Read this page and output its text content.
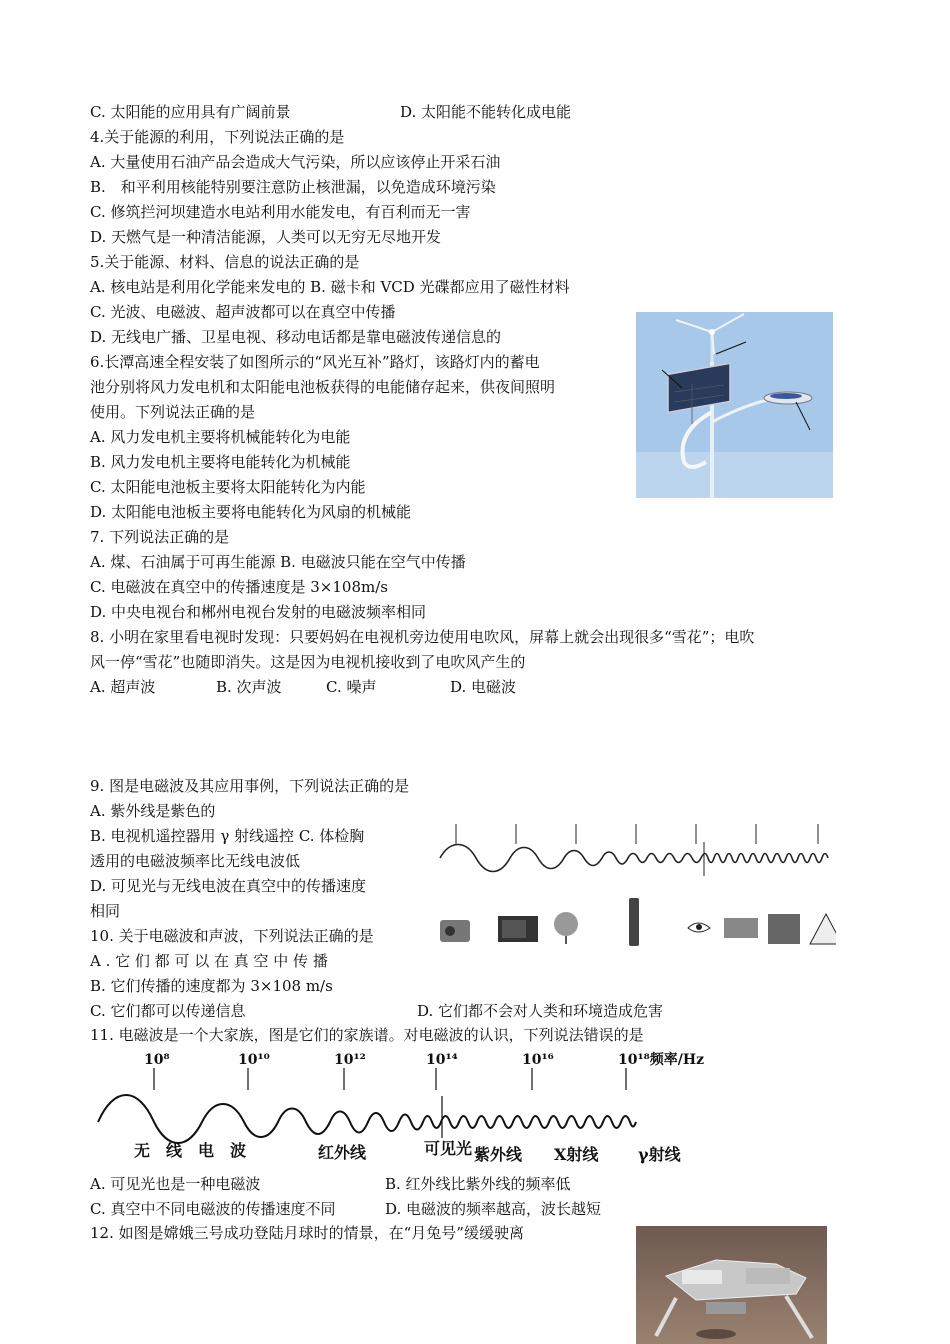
C. 太阳能的应用具有广阔前景	D. 太阳能不能转化成电能
4.关于能源的利用，下列说法正确的是
A. 大量使用石油产品会造成大气污染，所以应该停止开采石油
B.　和平利用核能特别要注意防止核泄漏，以免造成环境污染
C. 修筑拦河坝建造水电站利用水能发电，有百利而无一害
D. 天燃气是一种清洁能源，人类可以无穷无尽地开发
5.关于能源、材料、信息的说法正确的是
A. 核电站是利用化学能来发电的 B. 磁卡和 VCD 光碟都应用了磁性材料
C. 光波、电磁波、超声波都可以在真空中传播
D. 无线电广播、卫星电视、移动电话都是靠电磁波传递信息的
6.长潭高速全程安装了如图所示的“风光互补”路灯，该路灯内的蓄电
池分别将风力发电机和太阳能电池板获得的电能储存起来，供夜间照明
使用。下列说法正确的是
A. 风力发电机主要将机械能转化为电能
B. 风力发电机主要将电能转化为机械能
C. 太阳能电池板主要将太阳能转化为内能
D. 太阳能电池板主要将电能转化为风扇的机械能
7. 下列说法正确的是
A. 煤、石油属于可再生能源 B. 电磁波只能在空气中传播
C. 电磁波在真空中的传播速度是 3×108m/s
D. 中央电视台和郴州电视台发射的电磁波频率相同
8. 小明在家里看电视时发现：只要妈妈在电视机旁边使用电吹风，屏幕上就会出现很多“雪花”；电吹
风一停“雪花”也随即消失。这是因为电视机接收到了电吹风产生的
A. 超声波	B. 次声波	C. 噪声	D. 电磁波
9. 图是电磁波及其应用事例，下列说法正确的是
A. 紫外线是紫色的
B. 电视机遥控器用 γ 射线遥控 C. 体检胸
透用的电磁波频率比无线电波低
D. 可见光与无线电波在真空中的传播速度
相同
10. 关于电磁波和声波，下列说法正确的是
A . 它 们 都 可 以 在 真 空 中 传 播
B. 它们传播的速度都为 3×108 m/s
C. 它们都可以传递信息	D. 它们都不会对人类和环境造成危害
11. 电磁波是一个大家族，图是它们的家族谱。对电磁波的认识，下列说法错误的是
A. 可见光也是一种电磁波	B. 红外线比紫外线的频率低
C. 真空中不同电磁波的传播速度不同	D. 电磁波的频率越高，波长越短
12. 如图是嫦娥三号成功登陆月球时的情景，在“月兔号”缓缓驶离
10⁸	10¹⁰	10¹²	10¹⁴	10¹⁶	10¹⁸频率/Hz
无　线　电　波	红外线	可见光 紫外线 X射线 γ射线
